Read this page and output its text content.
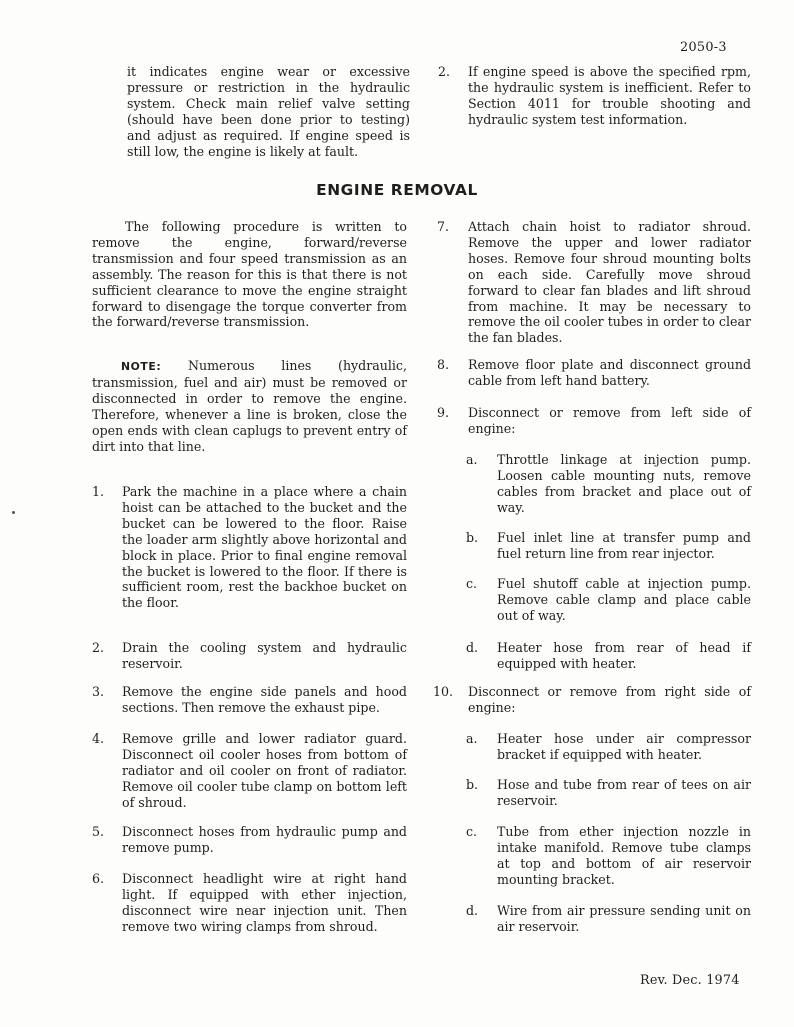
2050-3
it indicates engine wear or excessive pressure or restriction in the hydraulic system. Check main relief valve setting (should have been done prior to testing) and adjust as required. If engine speed is still low, the engine is likely at fault.
2. If engine speed is above the specified rpm, the hydraulic system is inefficient. Refer to Section 4011 for trouble shooting and hydraulic system test information.
ENGINE REMOVAL
The following procedure is written to remove the engine, forward/reverse transmission and four speed transmission as an assembly. The reason for this is that there is not sufficient clearance to move the engine straight forward to disengage the torque converter from the forward/reverse transmission.
NOTE: Numerous lines (hydraulic, transmission, fuel and air) must be removed or disconnected in order to remove the engine. Therefore, whenever a line is broken, close the open ends with clean caplugs to prevent entry of dirt into that line.
1. Park the machine in a place where a chain hoist can be attached to the bucket and the bucket can be lowered to the floor. Raise the loader arm slightly above horizontal and block in place. Prior to final engine removal the bucket is lowered to the floor. If there is sufficient room, rest the backhoe bucket on the floor.
2. Drain the cooling system and hydraulic reservoir.
3. Remove the engine side panels and hood sections. Then remove the exhaust pipe.
4. Remove grille and lower radiator guard. Disconnect oil cooler hoses from bottom of radiator and oil cooler on front of radiator. Remove oil cooler tube clamp on bottom left of shroud.
5. Disconnect hoses from hydraulic pump and remove pump.
6. Disconnect headlight wire at right hand light. If equipped with ether injection, disconnect wire near injection unit. Then remove two wiring clamps from shroud.
7. Attach chain hoist to radiator shroud. Remove the upper and lower radiator hoses. Remove four shroud mounting bolts on each side. Carefully move shroud forward to clear fan blades and lift shroud from machine. It may be necessary to remove the oil cooler tubes in order to clear the fan blades.
8. Remove floor plate and disconnect ground cable from left hand battery.
9. Disconnect or remove from left side of engine:
a. Throttle linkage at injection pump. Loosen cable mounting nuts, remove cables from bracket and place out of way.
b. Fuel inlet line at transfer pump and fuel return line from rear injector.
c. Fuel shutoff cable at injection pump. Remove cable clamp and place cable out of way.
d. Heater hose from rear of head if equipped with heater.
10. Disconnect or remove from right side of engine:
a. Heater hose under air compressor bracket if equipped with heater.
b. Hose and tube from rear of tees on air reservoir.
c. Tube from ether injection nozzle in intake manifold. Remove tube clamps at top and bottom of air reservoir mounting bracket.
d. Wire from air pressure sending unit on air reservoir.
Rev. Dec. 1974
